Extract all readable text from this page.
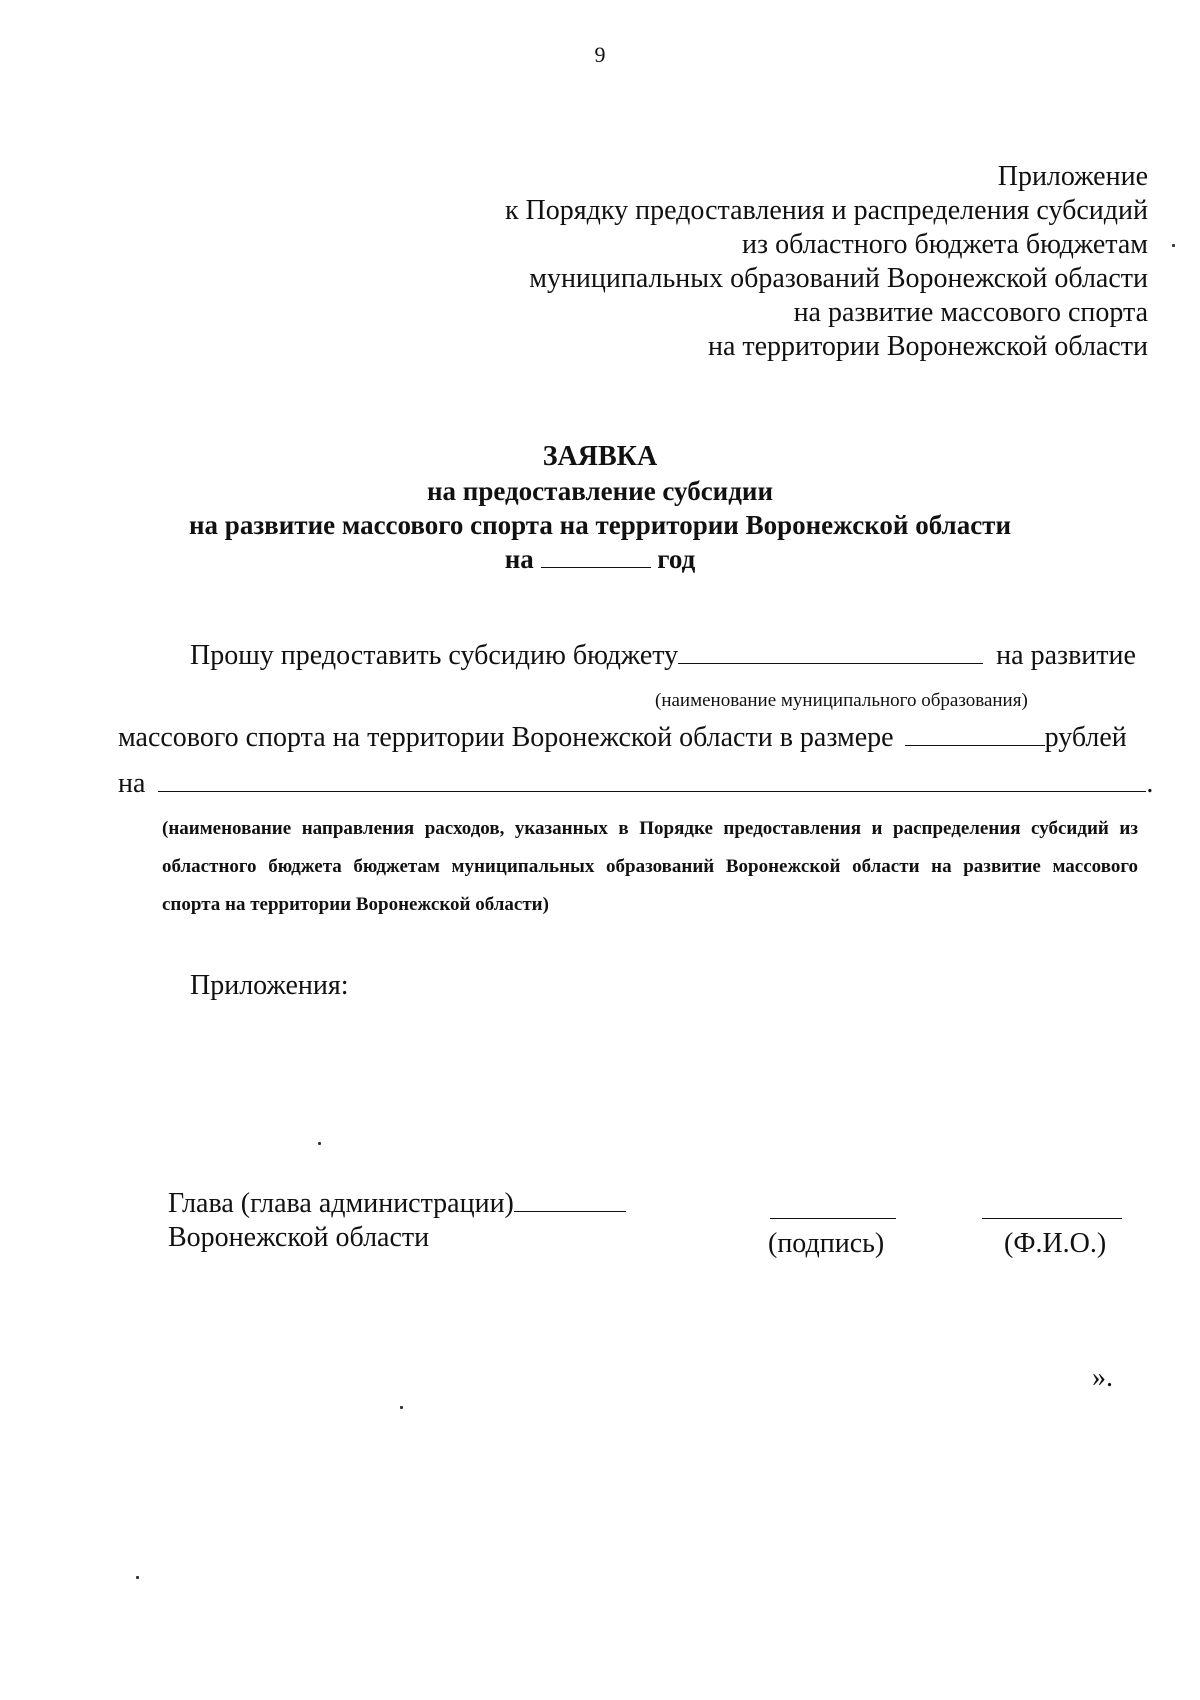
9
Приложение
к Порядку предоставления и распределения субсидий
из областного бюджета бюджетам
муниципальных образований Воронежской области
на развитие массового спорта
на территории Воронежской области
ЗАЯВКА
на предоставление субсидии
на развитие массового спорта на территории Воронежской области
на	год
Прошу предоставить субсидию бюджету	на развитие
(наименование муниципального образования)
массового спорта на территории Воронежской области в размере	рублей
на	.
(наименование направления расходов, указанных в Порядке предоставления и распределения субсидий из
областного бюджета бюджетам муниципальных образований Воронежской области на развитие массового
спорта на территории Воронежской области)
Приложения:
Глава (глава администрации)
Воронежской области	(подпись)	(Ф.И.О.)
».
